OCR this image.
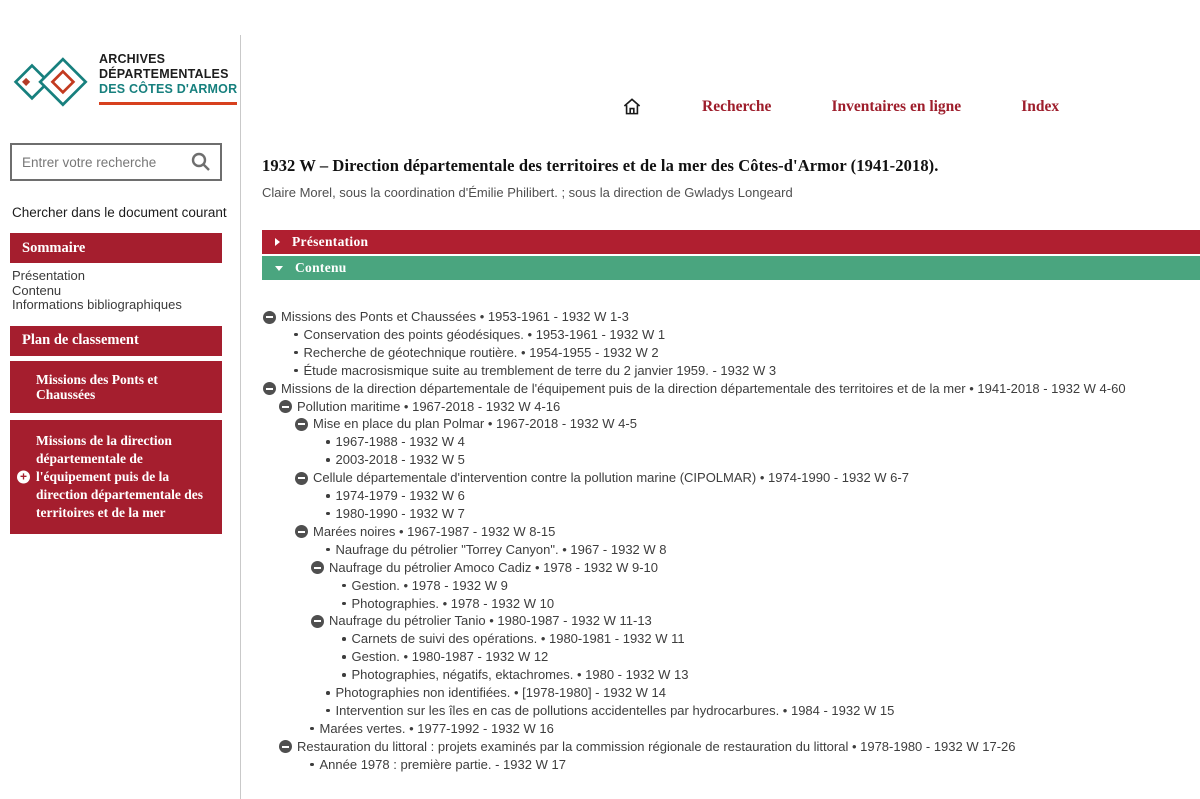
ARCHIVES
DÉPARTEMENTALES
DES CÔTES D'ARMOR
Entrer votre recherche
Chercher dans le document courant
Sommaire
Présentation
Contenu
Informations bibliographiques
Plan de classement
Missions des Ponts et Chaussées
+
Missions de la direction départementale de l'équipement puis de la direction départementale des territoires et de la mer
Recherche	Inventaires en ligne	Index
1932 W – Direction départementale des territoires et de la mer des Côtes-d'Armor (1941-2018).

Claire Morel, sous la coordination d'Émilie Philibert. ; sous la direction de Gwladys Longeard

Présentation
Contenu
Missions des Ponts et Chaussées • 1953-1961 - 1932 W 1-3
Conservation des points géodésiques. • 1953-1961 - 1932 W 1
Recherche de géotechnique routière. • 1954-1955 - 1932 W 2
Étude macrosismique suite au tremblement de terre du 2 janvier 1959. - 1932 W 3
Missions de la direction départementale de l'équipement puis de la direction départementale des territoires et de la mer • 1941-2018 - 1932 W 4-60
Pollution maritime • 1967-2018 - 1932 W 4-16
Mise en place du plan Polmar • 1967-2018 - 1932 W 4-5
1967-1988 - 1932 W 4
2003-2018 - 1932 W 5
Cellule départementale d'intervention contre la pollution marine (CIPOLMAR) • 1974-1990 - 1932 W 6-7
1974-1979 - 1932 W 6
1980-1990 - 1932 W 7
Marées noires • 1967-1987 - 1932 W 8-15
Naufrage du pétrolier "Torrey Canyon". • 1967 - 1932 W 8
Naufrage du pétrolier Amoco Cadiz • 1978 - 1932 W 9-10
Gestion. • 1978 - 1932 W 9
Photographies. • 1978 - 1932 W 10
Naufrage du pétrolier Tanio • 1980-1987 - 1932 W 11-13
Carnets de suivi des opérations. • 1980-1981 - 1932 W 11
Gestion. • 1980-1987 - 1932 W 12
Photographies, négatifs, ektachromes. • 1980 - 1932 W 13
Photographies non identifiées. • [1978-1980] - 1932 W 14
Intervention sur les îles en cas de pollutions accidentelles par hydrocarbures. • 1984 - 1932 W 15
Marées vertes. • 1977-1992 - 1932 W 16
Restauration du littoral : projets examinés par la commission régionale de restauration du littoral • 1978-1980 - 1932 W 17-26
Année 1978 : première partie. - 1932 W 17
